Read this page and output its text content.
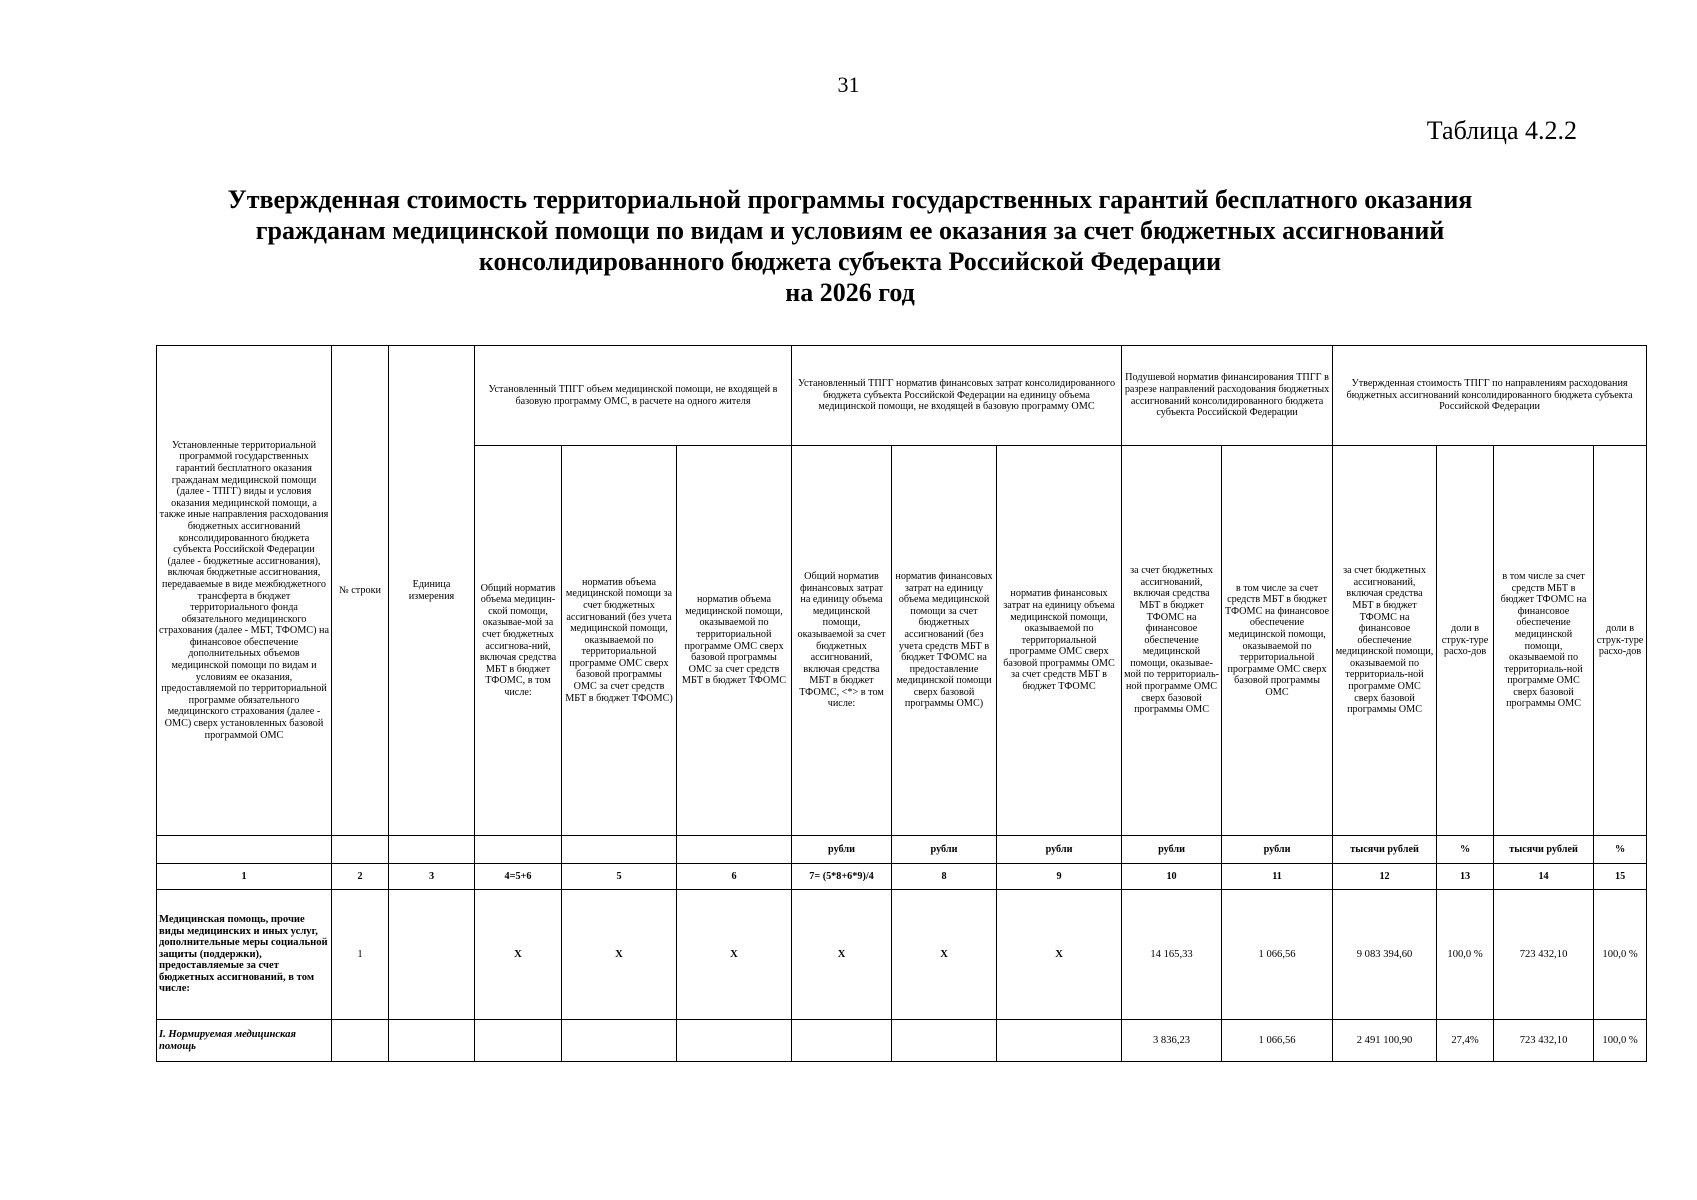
31
Таблица 4.2.2
Утвержденная стоимость территориальной программы государственных гарантий бесплатного оказания
гражданам медицинской помощи по видам и условиям ее оказания за счет бюджетных ассигнований
консолидированного бюджета субъекта Российской Федерации
на 2026 год
Установленные территориальной программой государственных гарантий бесплатного оказания гражданам медицинской помощи (далее - ТПГГ) виды и условия оказания медицинской помощи, а также иные направления расходования бюджетных ассигнований консолидированного бюджета субъекта Российской Федерации (далее - бюджетные ассигнования), включая бюджетные ассигнования, передаваемые в виде межбюджетного трансферта в бюджет территориального фонда обязательного медицинского страхования (далее - МБТ, ТФОМС) на финансовое обеспечение дополнительных объемов медицинской помощи по видам и условиям ее оказания, предоставляемой по территориальной программе обязательного медицинского страхования (далее - ОМС) сверх установленных базовой программой ОМС	№ строки	Единица измерения	Установленный ТПГГ объем медицинской помощи, не входящей в базовую программу ОМС, в расчете на одного жителя			Установленный ТПГГ норматив финансовых затрат консолидированного бюджета субъекта Российской Федерации на единицу объема медицинской помощи, не входящей в базовую программу ОМС			Подушевой норматив финансирования ТПГГ в разрезе направлений расходования бюджетных ассигнований консолидированного бюджета субъекта Российской Федерации		Утвержденная стоимость ТПГГ по направлениям расходования бюджетных ассигнований консолидированного бюджета субъекта Российской Федерации			
			Общий норматив объема медицин-ской помощи, оказывае-мой за счет бюджетных ассигнова-ний, включая средства МБТ в бюджет ТФОМС, в том числе:	норматив объема медицинской помощи за счет бюджетных ассигнований (без учета медицинской помощи, оказываемой по территориальной программе ОМС сверх базовой программы ОМС за счет средств МБТ в бюджет ТФОМС)	норматив объема медицинской помощи, оказываемой по территориальной программе ОМС сверх базовой программы ОМС за счет средств МБТ в бюджет ТФОМС	Общий норматив финансовых затрат на единицу объема медицинской помощи, оказываемой за счет бюджетных ассигнований, включая средства МБТ в бюджет ТФОМС, <*> в том числе:	норматив финансовых затрат на единицу объема медицинской помощи за счет бюджетных ассигнований (без учета средств МБТ в бюджет ТФОМС на предоставление медицинской помощи сверх базовой программы ОМС)	норматив финансовых затрат на единицу объема медицинской помощи, оказываемой по территориальной программе ОМС сверх базовой программы ОМС за счет средств МБТ в бюджет ТФОМС	за счет бюджетных ассигнований, включая средства МБТ в бюджет ТФОМС на финансовое обеспечение медицинской помощи, оказывае-мой по территориаль-ной программе ОМС сверх базовой программы ОМС	в том числе за счет средств МБТ в бюджет ТФОМС на финансовое обеспечение медицинской помощи, оказываемой по территориальной программе ОМС сверх базовой программы ОМС	за счет бюджетных ассигнований, включая средства МБТ в бюджет ТФОМС на финансовое обеспечение медицинской помощи, оказываемой по территориаль-ной программе ОМС сверх базовой программы ОМС	доли в струк-туре расхо-дов	в том числе за счет средств МБТ в бюджет ТФОМС на финансовое обеспечение медицинской помощи, оказываемой по территориаль-ной программе ОМС сверх базовой программы ОМС	доли в струк-туре расхо-дов
						рубли	рубли	рубли	рубли	рубли	тысячи рублей	%	тысячи рублей	%
1	2	3	4=5+6	5	6	7= (5*8+6*9)/4	8	9	10	11	12	13	14	15
Медицинская помощь, прочие виды медицинских и иных услуг, дополнительные меры социальной защиты (поддержки), предоставляемые за счет бюджетных ассигнований, в том числе:	1		X	X	X	X	X	X	14 165,33	1 066,56	9 083 394,60	100,0 %	723 432,10	100,0 %
I. Нормируемая медицинская помощь									3 836,23	1 066,56	2 491 100,90	27,4%	723 432,10	100,0 %
